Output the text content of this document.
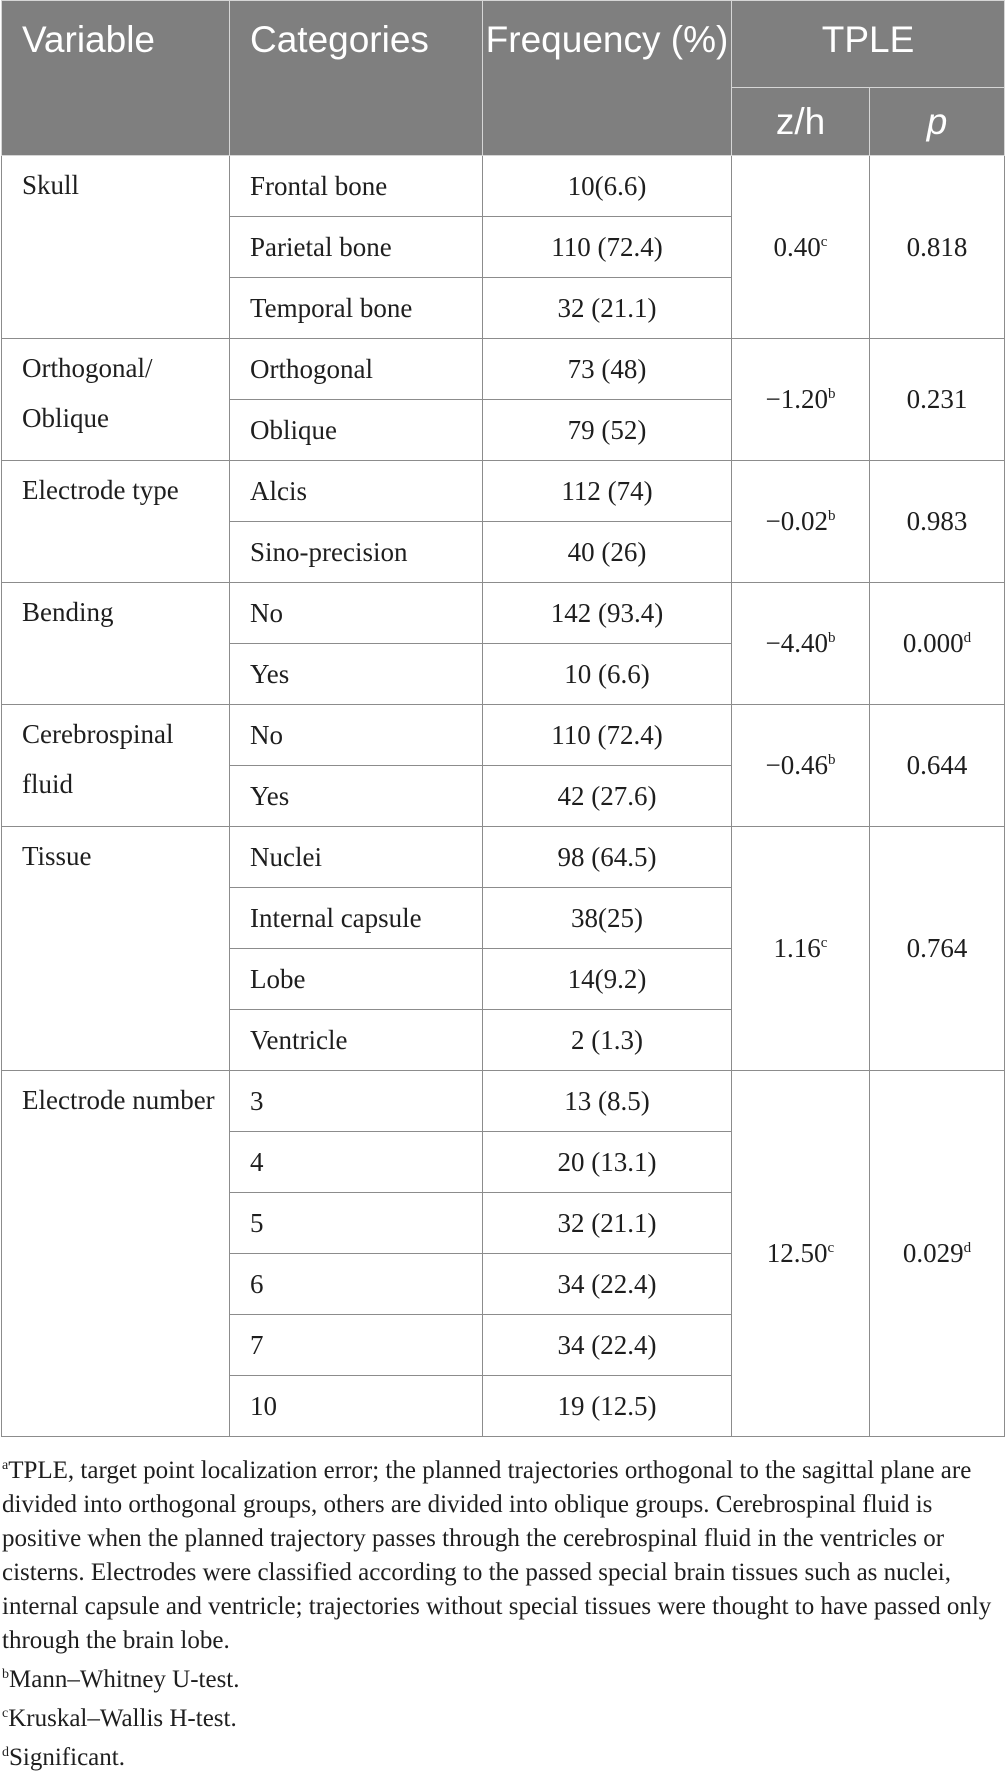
Variable	Categories	Frequency (%)	TPLE	
			z/h	p
Skull	Frontal bone	10(6.6)	0.40$^c$	0.818
	Parietal bone	110 (72.4)		
	Temporal bone	32 (21.1)		
Orthogonal/ Oblique	Orthogonal	73 (48)	−1.20$^b$	0.231
	Oblique	79 (52)		
Electrode type	Alcis	112 (74)	−0.02$^b$	0.983
	Sino-precision	40 (26)		
Bending	No	142 (93.4)	−4.40$^b$	0.000$^d$
	Yes	10 (6.6)		
Cerebrospinal fluid	No	110 (72.4)	−0.46$^b$	0.644
	Yes	42 (27.6)		
Tissue	Nuclei	98 (64.5)	1.16$^c$	0.764
	Internal capsule	38(25)		
	Lobe	14(9.2)		
	Ventricle	2 (1.3)		
Electrode number	3	13 (8.5)	12.50$^c$	0.029$^d$
	4	20 (13.1)		
	5	32 (21.1)		
	6	34 (22.4)		
	7	34 (22.4)		
	10	19 (12.5)		

$^a$TPLE, target point localization error; the planned trajectories orthogonal to the sagittal plane are divided into orthogonal groups, others are divided into oblique groups. Cerebrospinal fluid is positive when the planned trajectory passes through the cerebrospinal fluid in the ventricles or cisterns. Electrodes were classified according to the passed special brain tissues such as nuclei, internal capsule and ventricle; trajectories without special tissues were thought to have passed only through the brain lobe.

$^b$Mann–Whitney U-test.

$^c$Kruskal–Wallis H-test.

$^d$Significant.
